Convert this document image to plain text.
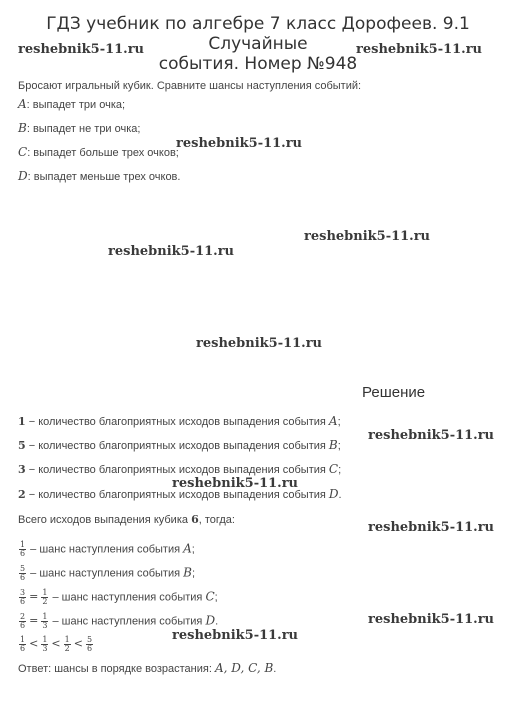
ГДЗ учебник по алгебре 7 класс Дорофеев. 9.1 Случайные
события. Номер №948
reshebnik5-11.ru	reshebnik5-11.ru
reshebnik5-11.ru
reshebnik5-11.ru
reshebnik5-11.ru
reshebnik5-11.ru
reshebnik5-11.ru
reshebnik5-11.ru
reshebnik5-11.ru
reshebnik5-11.ru
reshebnik5-11.ru
Бросают игральный кубик. Сравните шансы наступления событий:
A: выпадет три очка;
B: выпадет не три очка;
C: выпадет больше трех очков;
D: выпадет меньше трех очков.
Решение
1 − количество благоприятных исходов выпадения события A;
5 − количество благоприятных исходов выпадения события B;
3 − количество благоприятных исходов выпадения события C;
2 − количество благоприятных исходов выпадения события D.
Всего исходов выпадения кубика 6, тогда:
$\frac{1}{6}$ – шанс наступления события A;
$\frac{5}{6}$ – шанс наступления события B;
$\frac{3}{6} = \frac{1}{2}$ – шанс наступления события C;
$\frac{2}{6} = \frac{1}{3}$ – шанс наступления события D.
$\frac{1}{6} < \frac{1}{3} < \frac{1}{2} < \frac{5}{6}$
Ответ: шансы в порядке возрастания: A, D, C, B.
